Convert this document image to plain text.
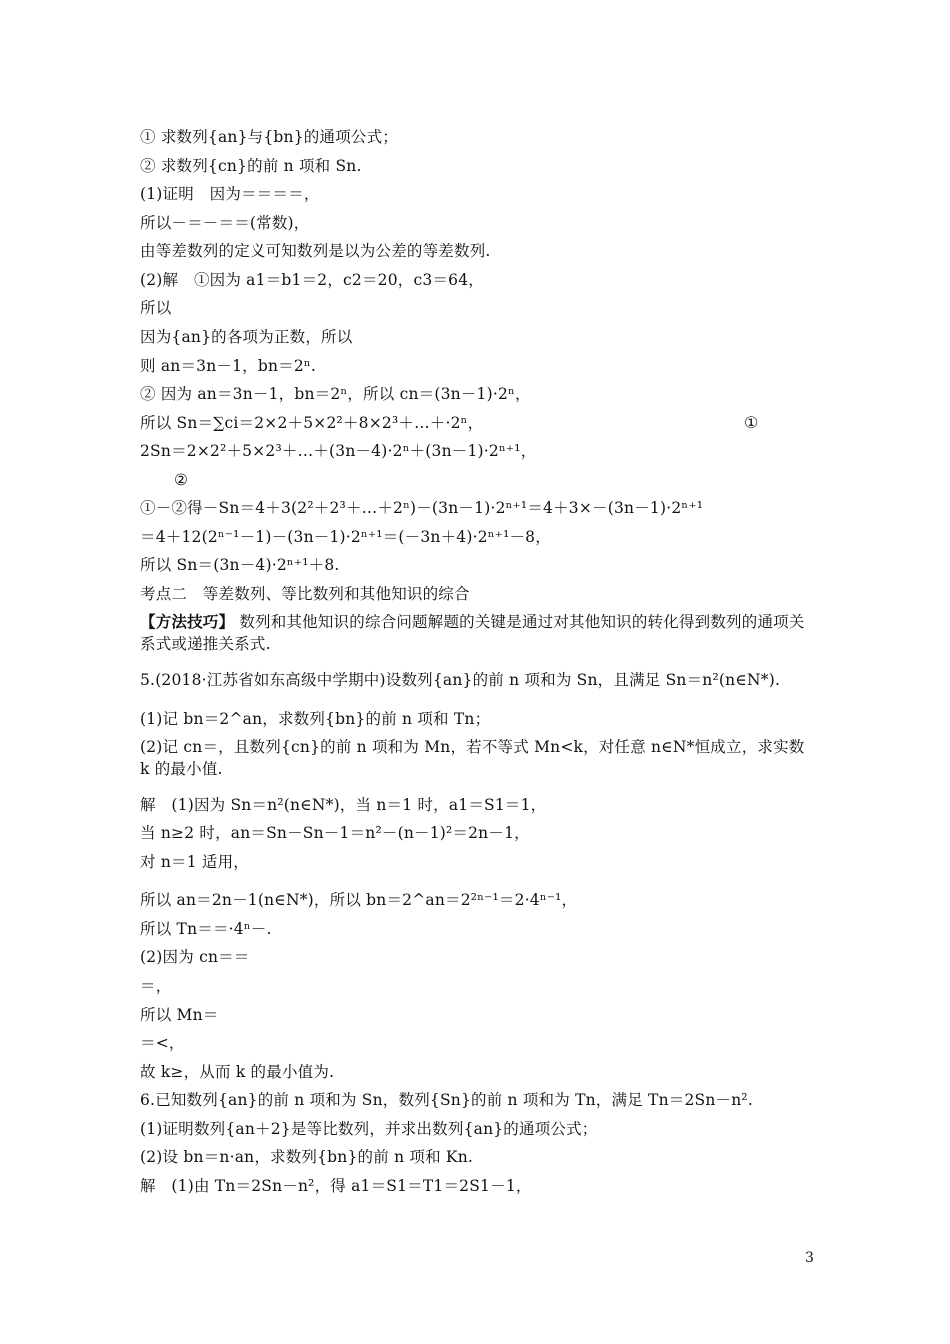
① 求数列{an}与{bn}的通项公式；
② 求数列{cn}的前 n 项和 Sn.
(1)证明　因为＝＝＝＝，
所以－＝－＝＝(常数)，
由等差数列的定义可知数列是以为公差的等差数列.
(2)解　①因为 a1＝b1＝2，c2＝20，c3＝64，
所以
因为{an}的各项为正数，所以
则 an＝3n－1，bn＝2ⁿ.
② 因为 an＝3n－1，bn＝2ⁿ，所以 cn＝(3n－1)·2ⁿ，
所以 Sn＝∑ci＝2×2＋5×2²＋8×2³＋…＋·2ⁿ，	①
2Sn＝2×2²＋5×2³＋…＋(3n－4)·2ⁿ＋(3n－1)·2ⁿ⁺¹，
②
①－②得－Sn＝4＋3(2²＋2³＋…＋2ⁿ)－(3n－1)·2ⁿ⁺¹＝4＋3×－(3n－1)·2ⁿ⁺¹
＝4＋12(2ⁿ⁻¹－1)－(3n－1)·2ⁿ⁺¹＝(－3n＋4)·2ⁿ⁺¹－8，
所以 Sn＝(3n－4)·2ⁿ⁺¹＋8.
考点二　等差数列、等比数列和其他知识的综合
【方法技巧】 数列和其他知识的综合问题解题的关键是通过对其他知识的转化得到数列的通项关系式或递推关系式.
5.(2018·江苏省如东高级中学期中)设数列{an}的前 n 项和为 Sn，且满足 Sn＝n²(n∈N*).
(1)记 bn＝2^an，求数列{bn}的前 n 项和 Tn；
(2)记 cn＝，且数列{cn}的前 n 项和为 Mn，若不等式 Mn<k，对任意 n∈N*恒成立，求实数 k 的最小值.
解　(1)因为 Sn＝n²(n∈N*)，当 n＝1 时，a1＝S1＝1，
当 n≥2 时，an＝Sn－Sn－1＝n²－(n－1)²＝2n－1，
对 n＝1 适用，
所以 an＝2n－1(n∈N*)，所以 bn＝2^an＝2²ⁿ⁻¹＝2·4ⁿ⁻¹，
所以 Tn＝＝·4ⁿ－.
(2)因为 cn＝＝
＝，
所以 Mn＝
＝<，
故 k≥，从而 k 的最小值为.
6.已知数列{an}的前 n 项和为 Sn，数列{Sn}的前 n 项和为 Tn，满足 Tn＝2Sn－n².
(1)证明数列{an＋2}是等比数列，并求出数列{an}的通项公式；
(2)设 bn＝n·an，求数列{bn}的前 n 项和 Kn.
解　(1)由 Tn＝2Sn－n²，得 a1＝S1＝T1＝2S1－1，
3
